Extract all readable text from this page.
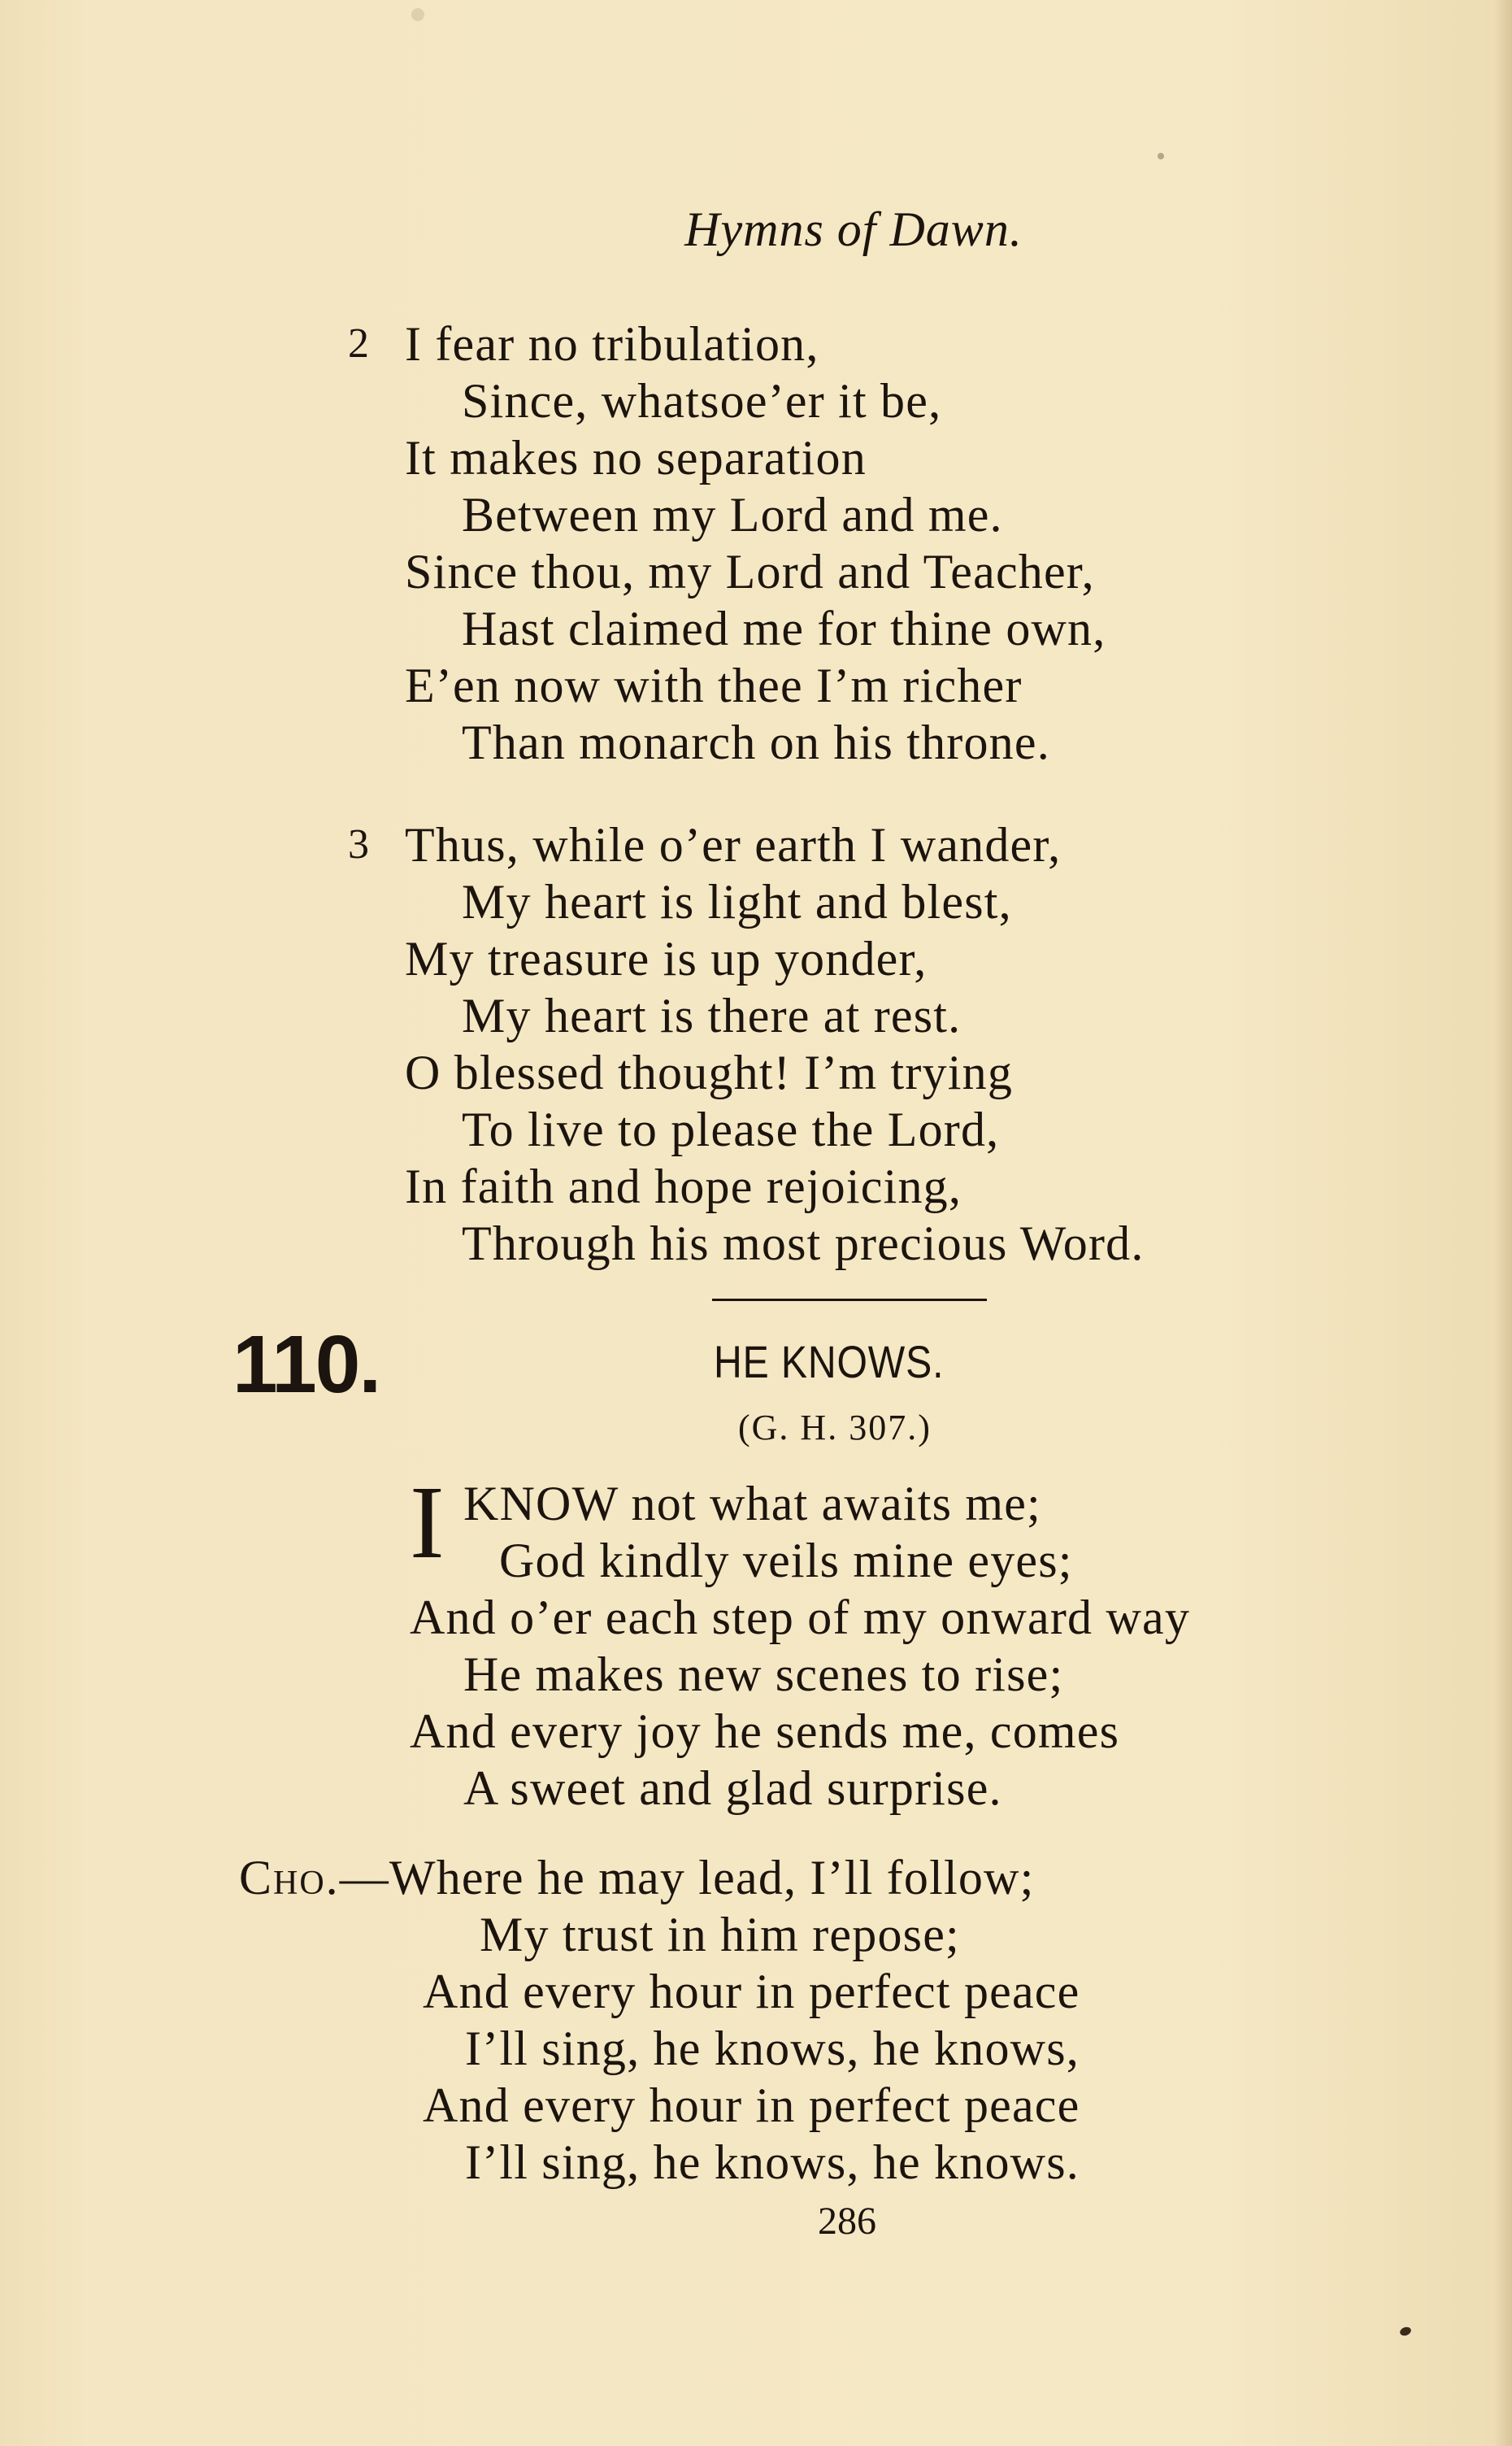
Hymns of Dawn.
2 I fear no tribulation,
Since, whatsoe’er it be,
It makes no separation
Between my Lord and me.
Since thou, my Lord and Teacher,
Hast claimed me for thine own,
E’en now with thee I’m richer
Than monarch on his throne.
3 Thus, while o’er earth I wander,
My heart is light and blest,
My treasure is up yonder,
My heart is there at rest.
O blessed thought! I’m trying
To live to please the Lord,
In faith and hope rejoicing,
Through his most precious Word.
110.	HE KNOWS.
(G. H. 307.)
I KNOW not what awaits me;
God kindly veils mine eyes;
And o’er each step of my onward way
He makes new scenes to rise;
And every joy he sends me, comes
A sweet and glad surprise.
Cho.—Where he may lead, I’ll follow;
My trust in him repose;
And every hour in perfect peace
I’ll sing, he knows, he knows,
And every hour in perfect peace
I’ll sing, he knows, he knows.
286
